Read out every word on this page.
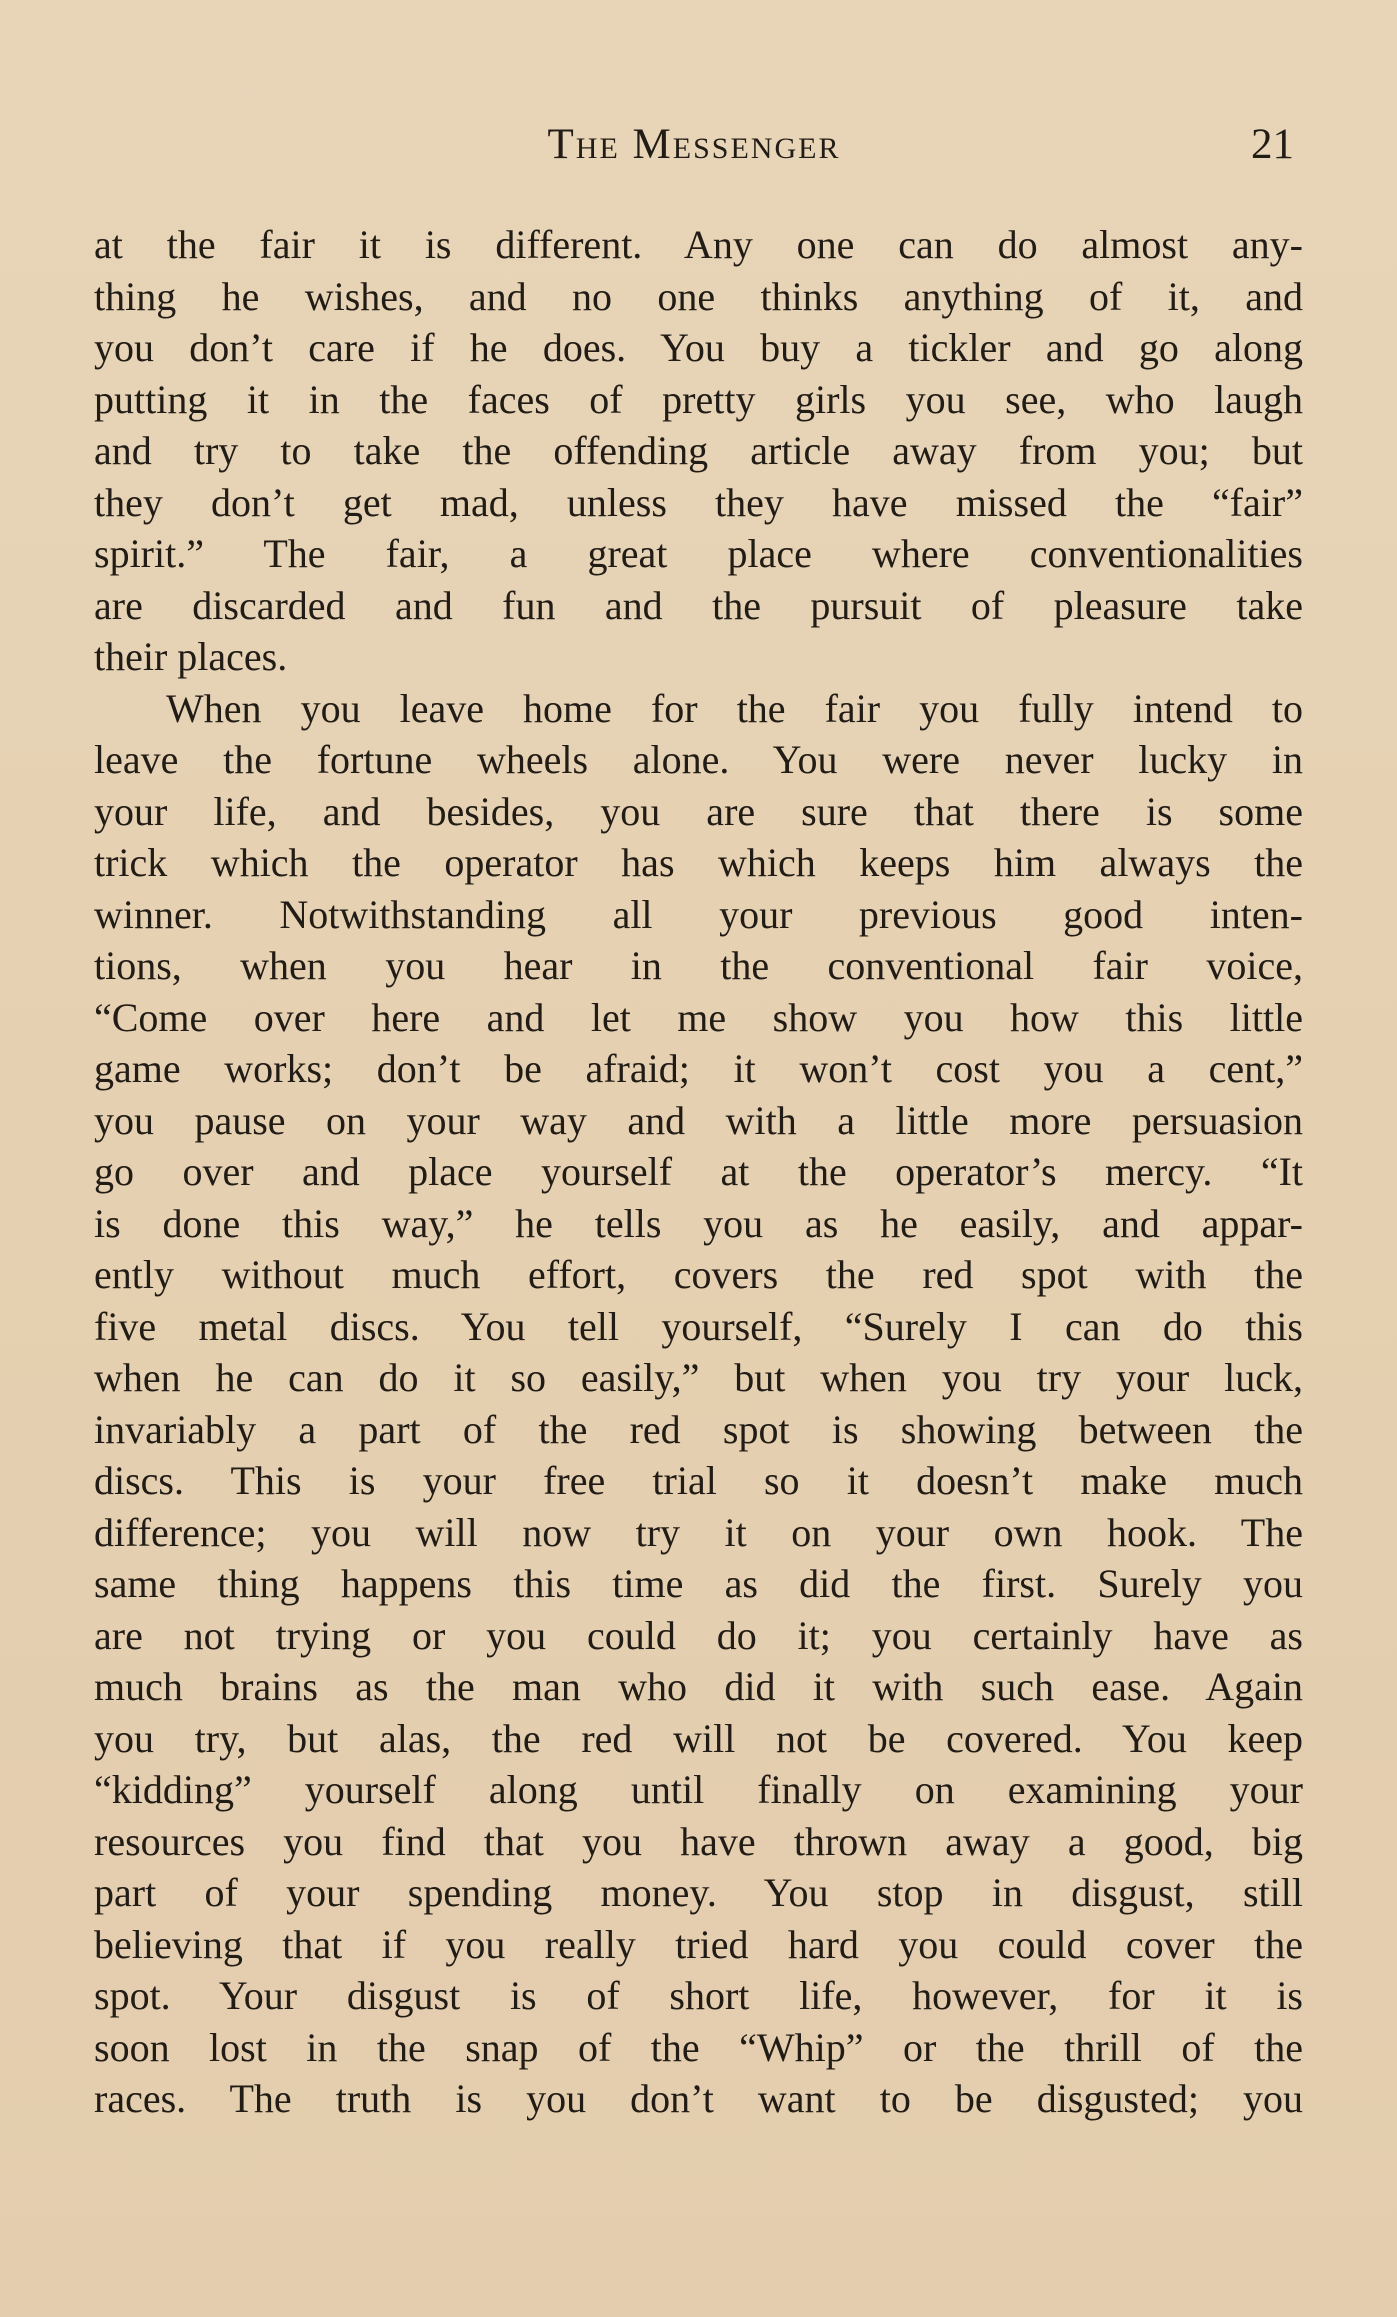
The Messenger	21
at the fair it is different. Any one can do almost any-
thing he wishes, and no one thinks anything of it, and
you don’t care if he does. You buy a tickler and go along
putting it in the faces of pretty girls you see, who laugh
and try to take the offending article away from you; but
they don’t get mad, unless they have missed the “fair”
spirit.” The fair, a great place where conventionalities
are discarded and fun and the pursuit of pleasure take
their places.
When you leave home for the fair you fully intend to
leave the fortune wheels alone. You were never lucky in
your life, and besides, you are sure that there is some
trick which the operator has which keeps him always the
winner. Notwithstanding all your previous good inten-
tions, when you hear in the conventional fair voice,
“Come over here and let me show you how this little
game works; don’t be afraid; it won’t cost you a cent,”
you pause on your way and with a little more persuasion
go over and place yourself at the operator’s mercy. “It
is done this way,” he tells you as he easily, and appar-
ently without much effort, covers the red spot with the
five metal discs. You tell yourself, “Surely I can do this
when he can do it so easily,” but when you try your luck,
invariably a part of the red spot is showing between the
discs. This is your free trial so it doesn’t make much
difference; you will now try it on your own hook. The
same thing happens this time as did the first. Surely you
are not trying or you could do it; you certainly have as
much brains as the man who did it with such ease. Again
you try, but alas, the red will not be covered. You keep
“kidding” yourself along until finally on examining your
resources you find that you have thrown away a good, big
part of your spending money. You stop in disgust, still
believing that if you really tried hard you could cover the
spot. Your disgust is of short life, however, for it is
soon lost in the snap of the “Whip” or the thrill of the
races. The truth is you don’t want to be disgusted; you
